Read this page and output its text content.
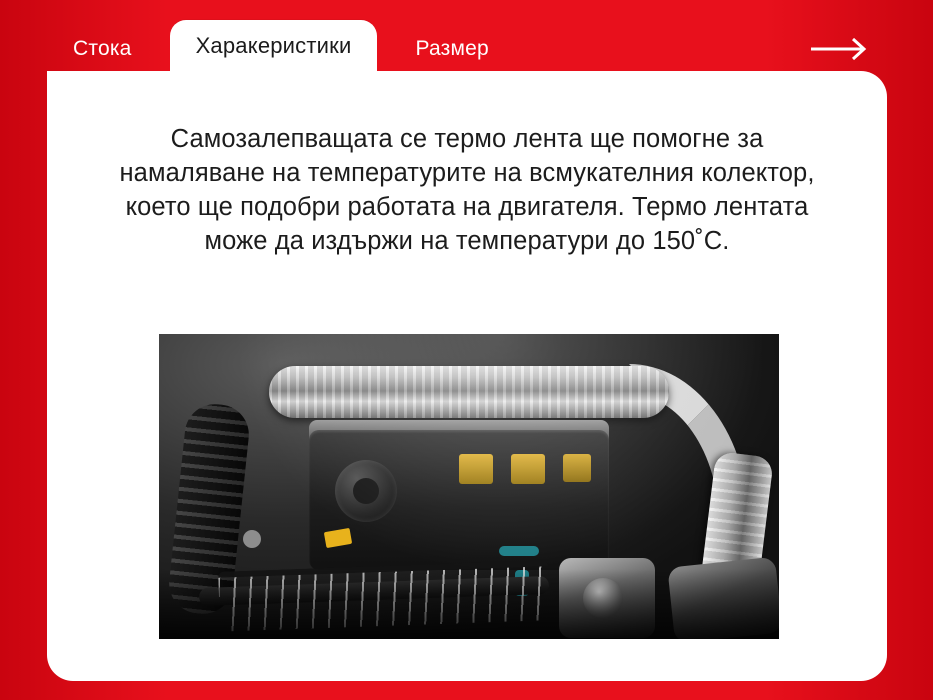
Стока	Харакеристики	Размер

Самозалепващата се термо лента ще помогне за намаляване на температурите на всмукателния колектор, което ще подобри работата на двигателя. Термо лентата може да издържи на температури до 150˚C.
